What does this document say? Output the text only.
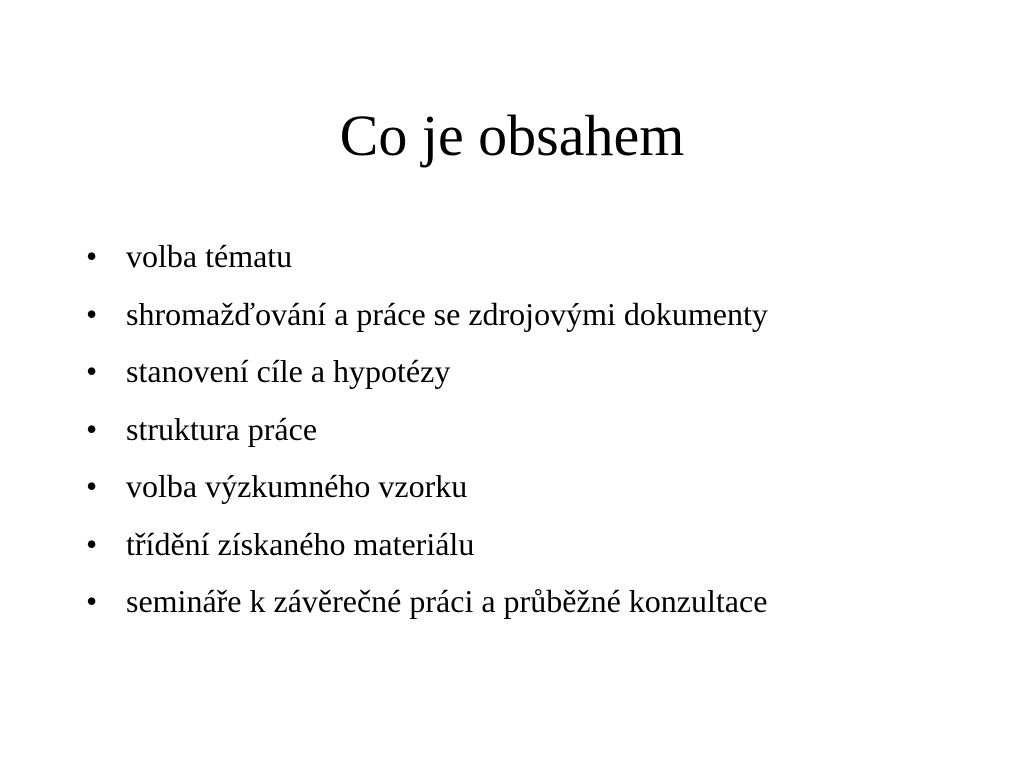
Co je obsahem
• volba tématu
• shromažďování a práce se zdrojovými dokumenty
• stanovení cíle a hypotézy
• struktura práce
• volba výzkumného vzorku
• třídění získaného materiálu
• semináře k závěrečné práci a průběžné konzultace
